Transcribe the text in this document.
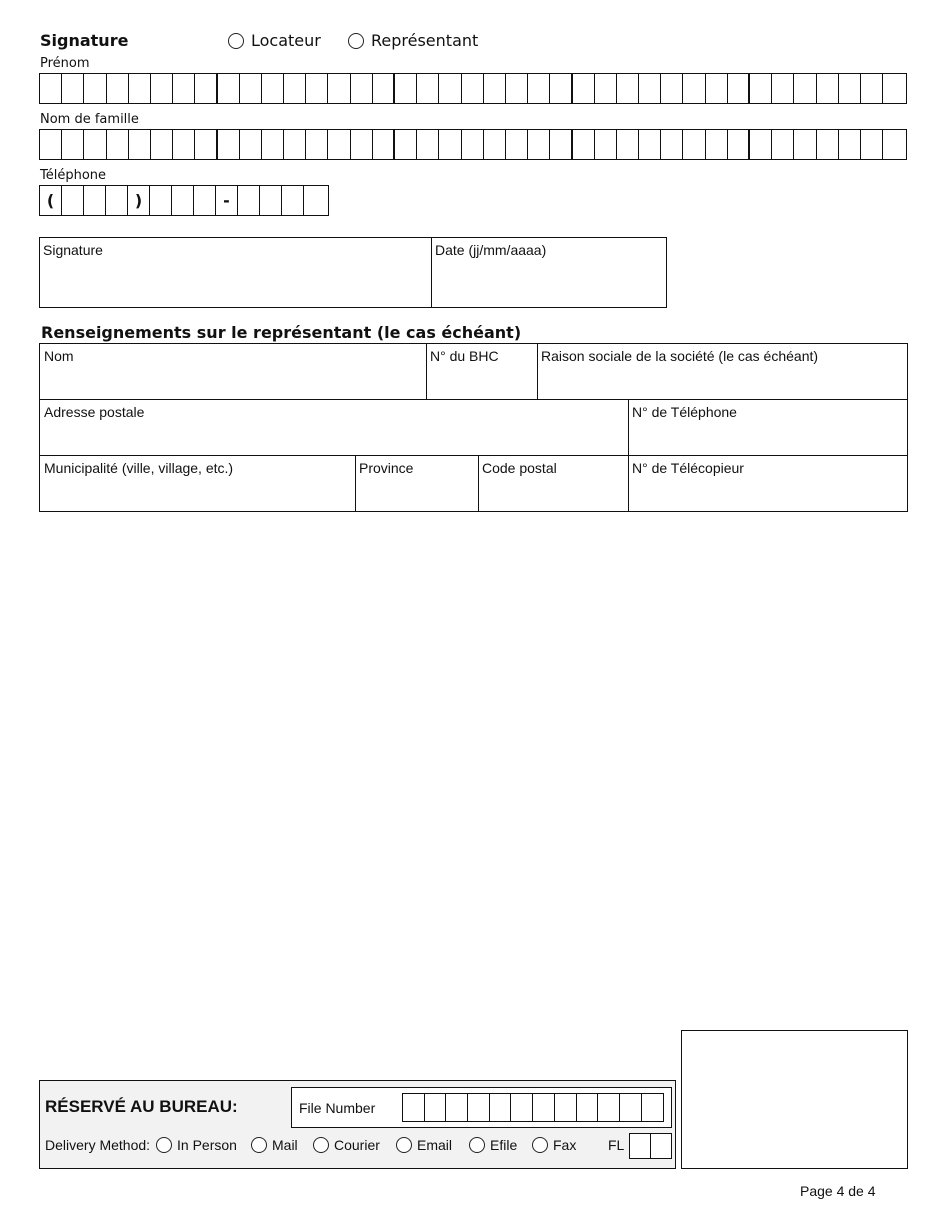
Signature	Locateur	Représentant
Prénom
Nom de famille
Téléphone
(	)	-
Signature	Date (jj/mm/aaaa)
Renseignements sur le représentant (le cas échéant)
Nom	N° du BHC	Raison sociale de la société (le cas échéant)
Adresse postale	N° de Téléphone
Municipalité (ville, village, etc.)	Province	Code postal	N° de Télécopieur
RÉSERVÉ AU BUREAU:	File Number
Delivery Method: In Person	Mail	Courier	Email	Efile	Fax FL
Page 4 de 4
